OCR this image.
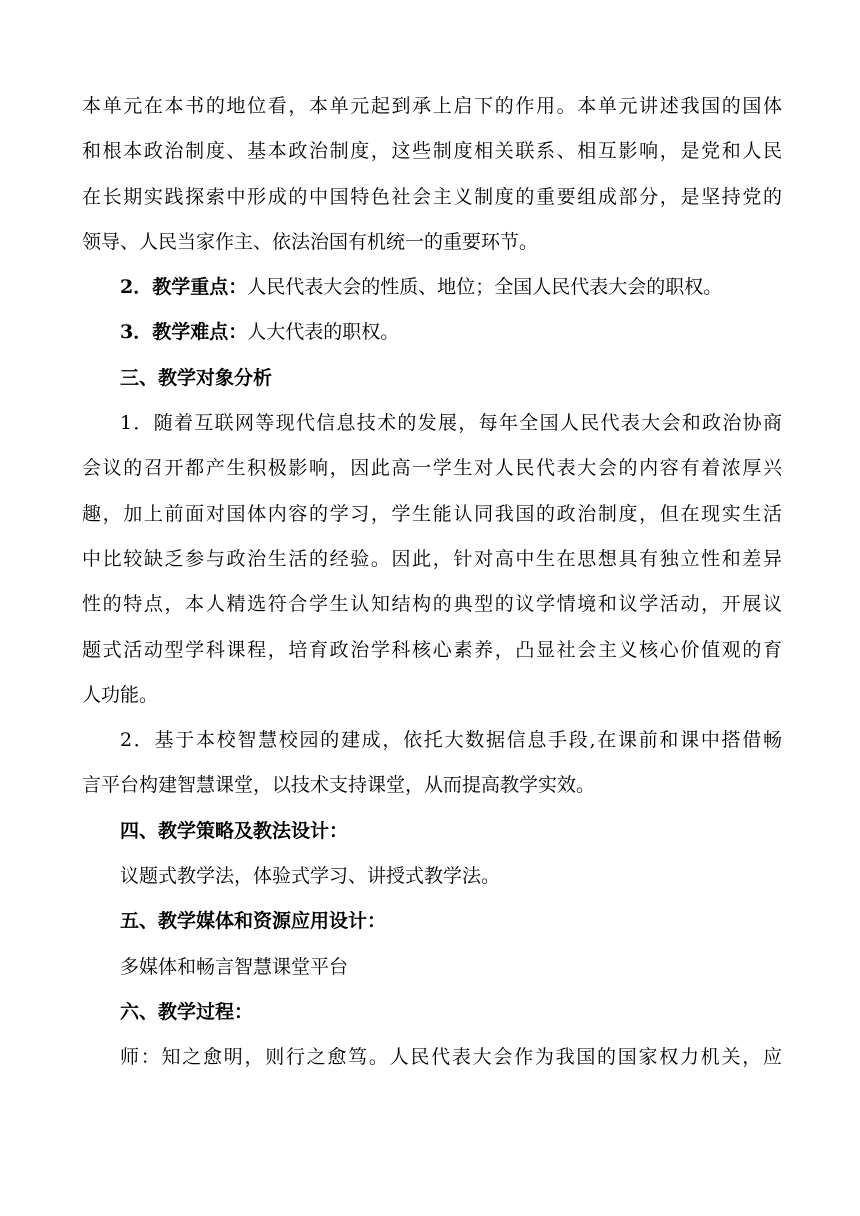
本单元在本书的地位看，本单元起到承上启下的作用。本单元讲述我国的国体
和根本政治制度、基本政治制度，这些制度相关联系、相互影响，是党和人民
在长期实践探索中形成的中国特色社会主义制度的重要组成部分，是坚持党的
领导、人民当家作主、依法治国有机统一的重要环节。
2．教学重点：人民代表大会的性质、地位；全国人民代表大会的职权。
3．教学难点：人大代表的职权。
三、教学对象分析
1．随着互联网等现代信息技术的发展，每年全国人民代表大会和政治协商
会议的召开都产生积极影响，因此高一学生对人民代表大会的内容有着浓厚兴
趣，加上前面对国体内容的学习，学生能认同我国的政治制度，但在现实生活
中比较缺乏参与政治生活的经验。因此，针对高中生在思想具有独立性和差异
性的特点，本人精选符合学生认知结构的典型的议学情境和议学活动，开展议
题式活动型学科课程，培育政治学科核心素养，凸显社会主义核心价值观的育
人功能。
2．基于本校智慧校园的建成，依托大数据信息手段,在课前和课中搭借畅
言平台构建智慧课堂，以技术支持课堂，从而提高教学实效。
四、教学策略及教法设计：
议题式教学法，体验式学习、讲授式教学法。
五、教学媒体和资源应用设计：
多媒体和畅言智慧课堂平台
六、教学过程：
师：知之愈明，则行之愈笃。人民代表大会作为我国的国家权力机关，应
